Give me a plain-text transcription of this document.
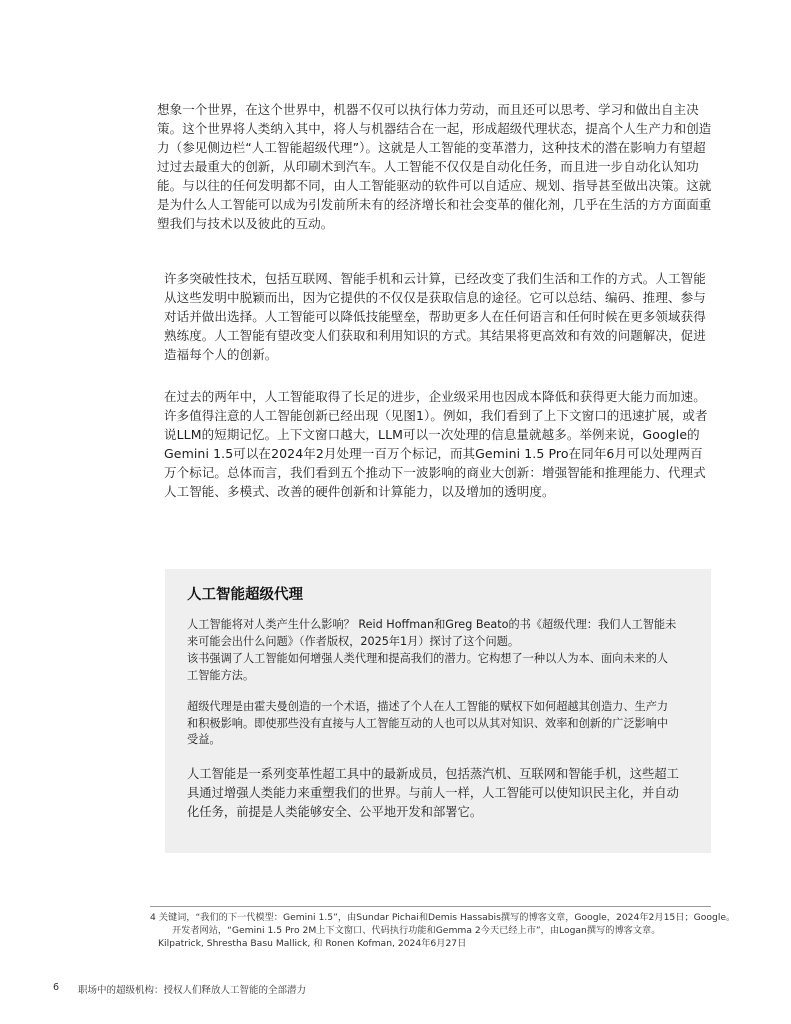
想象一个世界，在这个世界中，机器不仅可以执行体力劳动，而且还可以思考、学习和做出自主决策。这个世界将人类纳入其中，将人与机器结合在一起，形成超级代理状态，提高个人生产力和创造力（参见侧边栏“人工智能超级代理”）。这就是人工智能的变革潜力，这种技术的潜在影响力有望超过过去最重大的创新，从印刷术到汽车。人工智能不仅仅是自动化任务，而且进一步自动化认知功能。与以往的任何发明都不同，由人工智能驱动的软件可以自适应、规划、指导甚至做出决策。这就是为什么人工智能可以成为引发前所未有的经济增长和社会变革的催化剂，几乎在生活的方方面面重塑我们与技术以及彼此的互动。

许多突破性技术，包括互联网、智能手机和云计算，已经改变了我们生活和工作的方式。人工智能从这些发明中脱颖而出，因为它提供的不仅仅是获取信息的途径。它可以总结、编码、推理、参与对话并做出选择。人工智能可以降低技能壁垒，帮助更多人在任何语言和任何时候在更多领域获得熟练度。人工智能有望改变人们获取和利用知识的方式。其结果将更高效和有效的问题解决，促进造福每个人的创新。

在过去的两年中，人工智能取得了长足的进步，企业级采用也因成本降低和获得更大能力而加速。许多值得注意的人工智能创新已经出现（见图1）。例如，我们看到了上下文窗口的迅速扩展，或者说LLM的短期记忆。上下文窗口越大，LLM可以一次处理的信息量就越多。举例来说，Google的Gemini 1.5可以在2024年2月处理一百万个标记，而其Gemini 1.5 Pro在同年6月可以处理两百万个标记。总体而言，我们看到五个推动下一波影响的商业大创新：增强智能和推理能力、代理式人工智能、多模式、改善的硬件创新和计算能力，以及增加的透明度。

人工智能超级代理

人工智能将对人类产生什么影响？ Reid Hoffman和Greg Beato的书《超级代理：我们人工智能未来可能会出什么问题》（作者版权，2025年1月）探讨了这个问题。

该书强调了人工智能如何增强人类代理和提高我们的潜力。它构想了一种以人为本、面向未来的人工智能方法。

超级代理是由霍夫曼创造的一个术语，描述了个人在人工智能的赋权下如何超越其创造力、生产力和积极影响。即使那些没有直接与人工智能互动的人也可以从其对知识、效率和创新的广泛影响中受益。

人工智能是一系列变革性超工具中的最新成员，包括蒸汽机、互联网和智能手机，这些超工具通过增强人类能力来重塑我们的世界。与前人一样，人工智能可以使知识民主化，并自动化任务，前提是人类能够安全、公平地开发和部署它。

4 关键词，“我们的下一代模型：Gemini 1.5”，由Sundar Pichai和Demis Hassabis撰写的博客文章，Google，2024年2月15日；Google。
开发者网站，“Gemini 1.5 Pro 2M上下文窗口、代码执行功能和Gemma 2今天已经上市”，由Logan撰写的博客文章。
Kilpatrick, Shrestha Basu Mallick, 和 Ronen Kofman, 2024年6月27日
6 职场中的超级机构：授权人们释放人工智能的全部潜力
